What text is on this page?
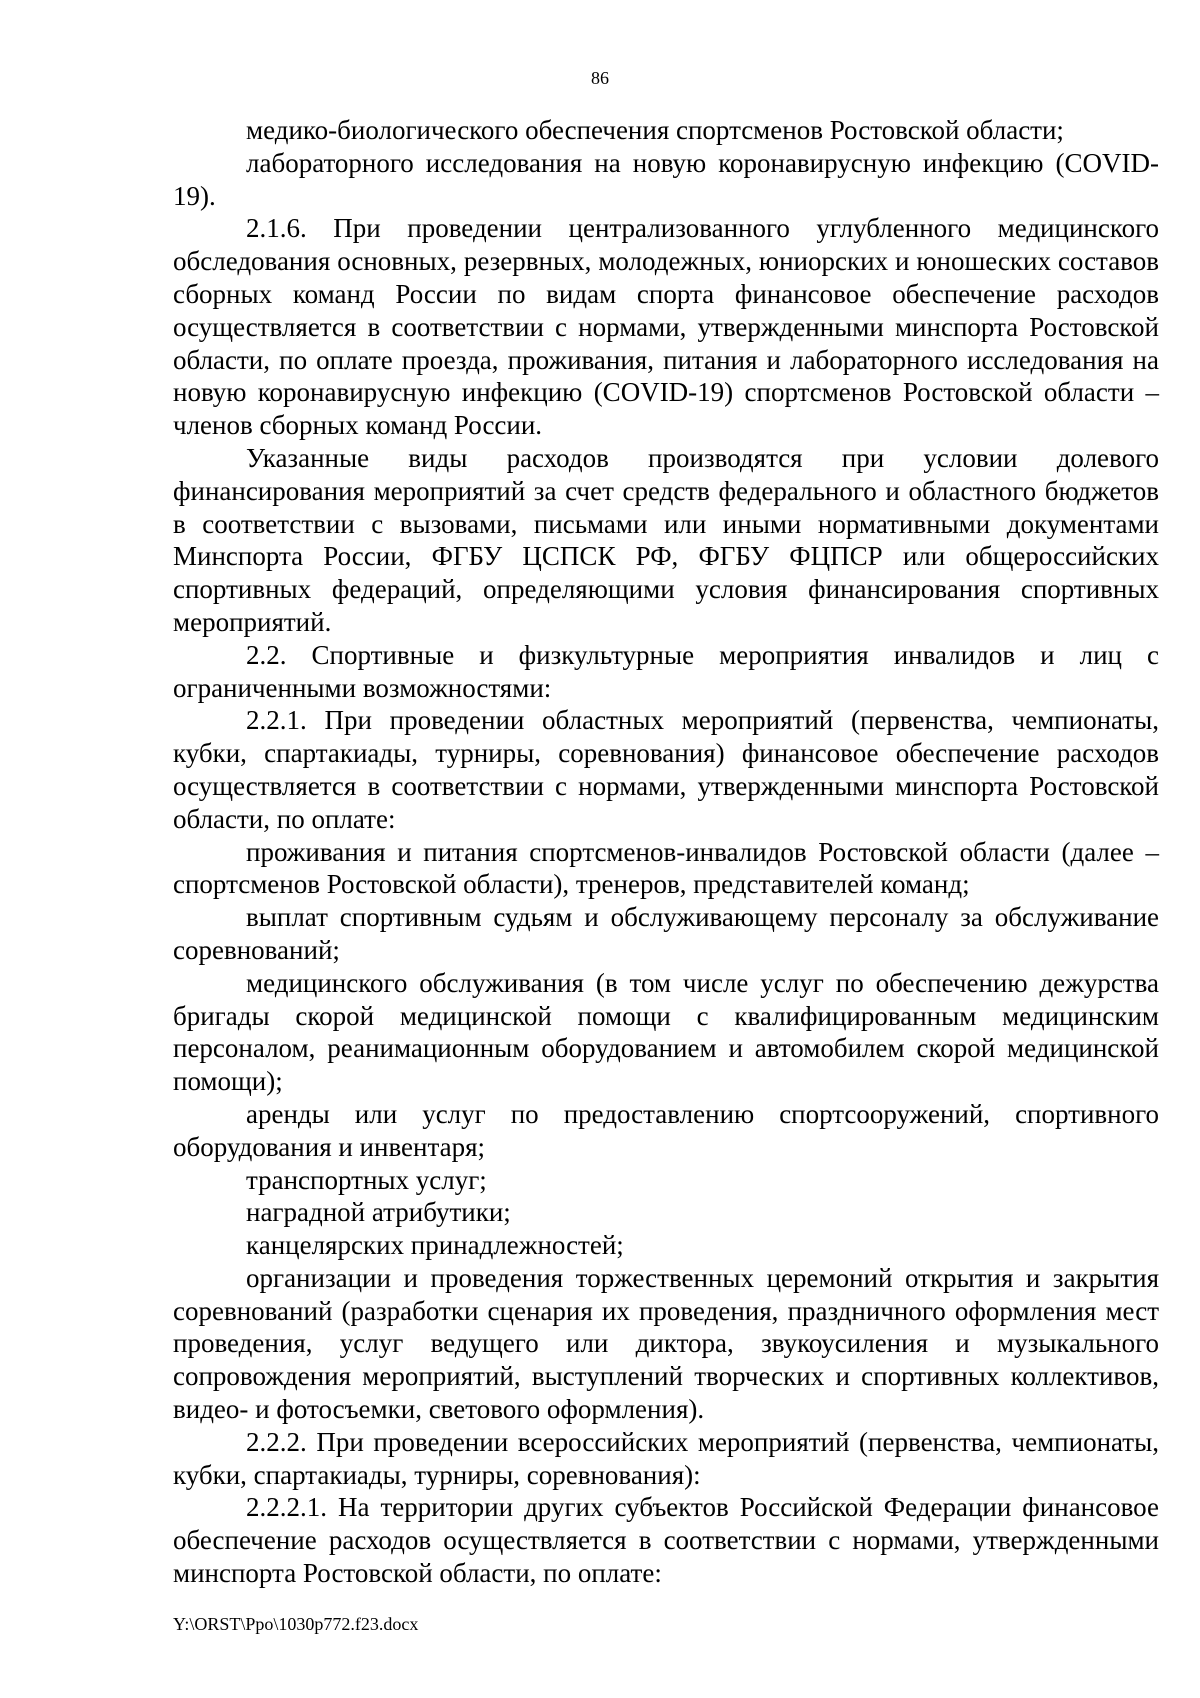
86

медико-биологического обеспечения спортсменов Ростовской области;

лабораторного исследования на новую коронавирусную инфекцию (COVID-19).

2.1.6. При проведении централизованного углубленного медицинского обследования основных, резервных, молодежных, юниорских и юношеских составов сборных команд России по видам спорта финансовое обеспечение расходов осуществляется в соответствии с нормами, утвержденными минспорта Ростовской области, по оплате проезда, проживания, питания и лабораторного исследования на новую коронавирусную инфекцию (COVID-19) спортсменов Ростовской области – членов сборных команд России.

Указанные виды расходов производятся при условии долевого финансирования мероприятий за счет средств федерального и областного бюджетов в соответствии с вызовами, письмами или иными нормативными документами Минспорта России, ФГБУ ЦСПСК РФ, ФГБУ ФЦПСР или общероссийских спортивных федераций, определяющими условия финансирования спортивных мероприятий.

2.2. Спортивные и физкультурные мероприятия инвалидов и лиц с ограниченными возможностями:

2.2.1. При проведении областных мероприятий (первенства, чемпионаты, кубки, спартакиады, турниры, соревнования) финансовое обеспечение расходов осуществляется в соответствии с нормами, утвержденными минспорта Ростовской области, по оплате:

проживания и питания спортсменов-инвалидов Ростовской области (далее – спортсменов Ростовской области), тренеров, представителей команд;

выплат спортивным судьям и обслуживающему персоналу за обслуживание соревнований;

медицинского обслуживания (в том числе услуг по обеспечению дежурства бригады скорой медицинской помощи с квалифицированным медицинским персоналом, реанимационным оборудованием и автомобилем скорой медицинской помощи);

аренды или услуг по предоставлению спортсооружений, спортивного оборудования и инвентаря;

транспортных услуг;

наградной атрибутики;

канцелярских принадлежностей;

организации и проведения торжественных церемоний открытия и закрытия соревнований (разработки сценария их проведения, праздничного оформления мест проведения, услуг ведущего или диктора, звукоусиления и музыкального сопровождения мероприятий, выступлений творческих и спортивных коллективов, видео- и фотосъемки, светового оформления).

2.2.2. При проведении всероссийских мероприятий (первенства, чемпионаты, кубки, спартакиады, турниры, соревнования):

2.2.2.1. На территории других субъектов Российской Федерации финансовое обеспечение расходов осуществляется в соответствии с нормами, утвержденными минспорта Ростовской области, по оплате:

Y:\ORST\Ppo\1030p772.f23.docx
